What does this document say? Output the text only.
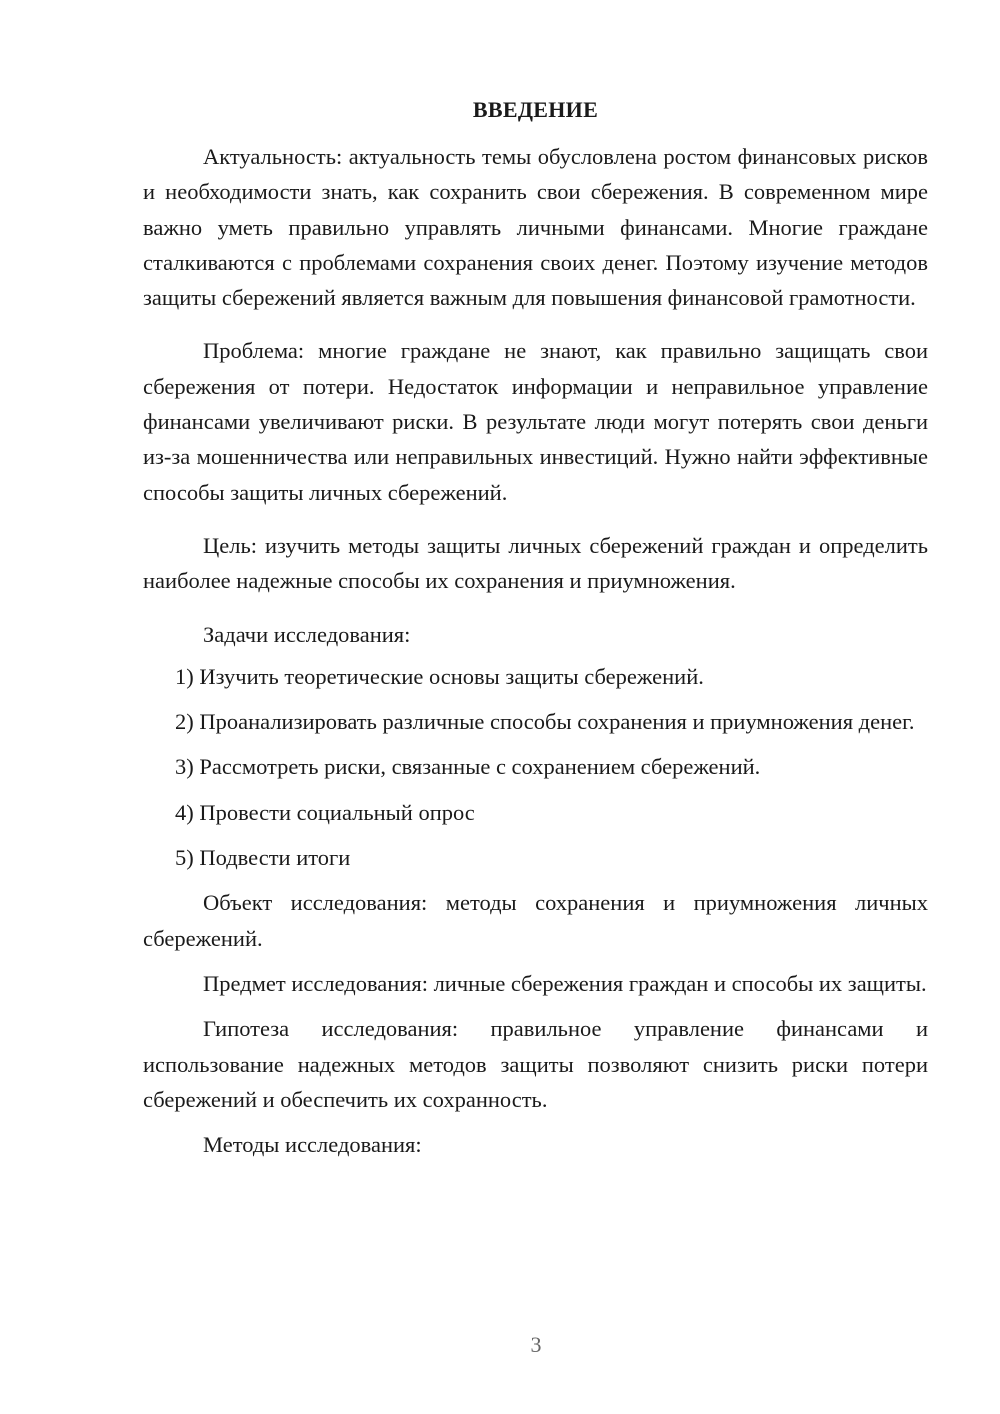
ВВЕДЕНИЕ

Актуальность: актуальность темы обусловлена ростом финансовых рисков и необходимости знать, как сохранить свои сбережения. В современном мире важно уметь правильно управлять личными финансами. Многие граждане сталкиваются с проблемами сохранения своих денег. Поэтому изучение методов защиты сбережений является важным для повышения финансовой грамотности.

Проблема: многие граждане не знают, как правильно защищать свои сбережения от потери. Недостаток информации и неправильное управление финансами увеличивают риски. В результате люди могут потерять свои деньги из-за мошенничества или неправильных инвестиций. Нужно найти эффективные способы защиты личных сбережений.

Цель: изучить методы защиты личных сбережений граждан и определить наиболее надежные способы их сохранения и приумножения.

Задачи исследования:

1) Изучить теоретические основы защиты сбережений.

2) Проанализировать различные способы сохранения и приумножения денег.

3) Рассмотреть риски, связанные с сохранением сбережений.

4) Провести социальный опрос

5) Подвести итоги

Объект исследования: методы сохранения и приумножения личных сбережений.

Предмет исследования: личные сбережения граждан и способы их защиты.

Гипотеза исследования: правильное управление финансами и использование надежных методов защиты позволяют снизить риски потери сбережений и обеспечить их сохранность.

Методы исследования:

3
